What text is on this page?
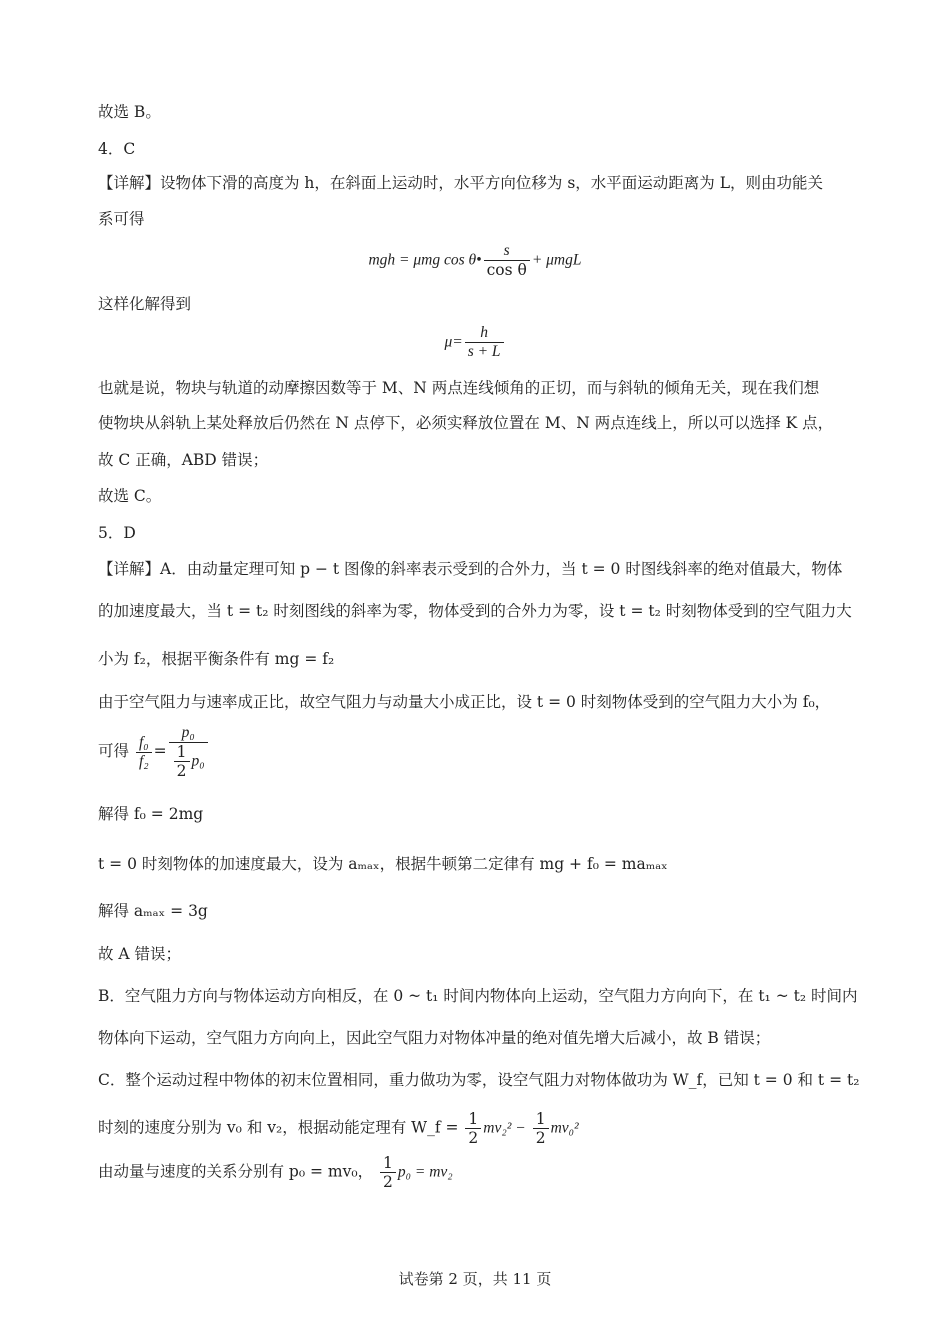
故选 B。
4．C
【详解】设物体下滑的高度为 h，在斜面上运动时，水平方向位移为 s，水平面运动距离为 L，则由功能关
系可得
mgh = μmg cos θ• $\frac{s}{\text{cos θ}} + \mu mgL$
这样化解得到
$\mu= \frac{h}{s + L}$
也就是说，物块与轨道的动摩擦因数等于 M、N 两点连线倾角的正切，而与斜轨的倾角无关，现在我们想
使物块从斜轨上某处释放后仍然在 N 点停下，必须实释放位置在 M、N 两点连线上，所以可以选择 K 点，
故 C 正确，ABD 错误；
故选 C。
5．D
【详解】A．由动量定理可知 p − t 图像的斜率表示受到的合外力，当 t = 0 时图线斜率的绝对值最大，物体
的加速度最大，当 t = t₂ 时刻图线的斜率为零，物体受到的合外力为零，设 t = t₂ 时刻物体受到的空气阻力大
小为 f₂，根据平衡条件有 mg = f₂
由于空气阻力与速率成正比，故空气阻力与动量大小成正比，设 t = 0 时刻物体受到的空气阻力大小为 f₀，
可得 $\frac{\text{f₀}}{\text{f₂}} = \frac{\text{p₀}}{\frac{1}{2} p_0}$
解得 f₀ = 2mg
t = 0 时刻物体的加速度最大，设为 aₘₐₓ，根据牛顿第二定律有 mg + f₀ = maₘₐₓ
解得 aₘₐₓ = 3g
故 A 错误；
B．空气阻力方向与物体运动方向相反，在 0 ~ t₁ 时间内物体向上运动，空气阻力方向向下，在 t₁ ~ t₂ 时间内
物体向下运动，空气阻力方向向上，因此空气阻力对物体冲量的绝对值先增大后减小，故 B 错误；
C．整个运动过程中物体的初末位置相同，重力做功为零，设空气阻力对物体做功为 W_f，已知 t = 0 和 t = t₂
时刻的速度分别为 v₀ 和 v₂，根据动能定理有 W_f = $\frac{1}{2} mv_2^2 - \frac{1}{2} mv_0^2$
由动量与速度的关系分别有 p₀ = mv₀， $\frac{1}{2} p_0 = mv_2$
试卷第 2 页，共 11 页
